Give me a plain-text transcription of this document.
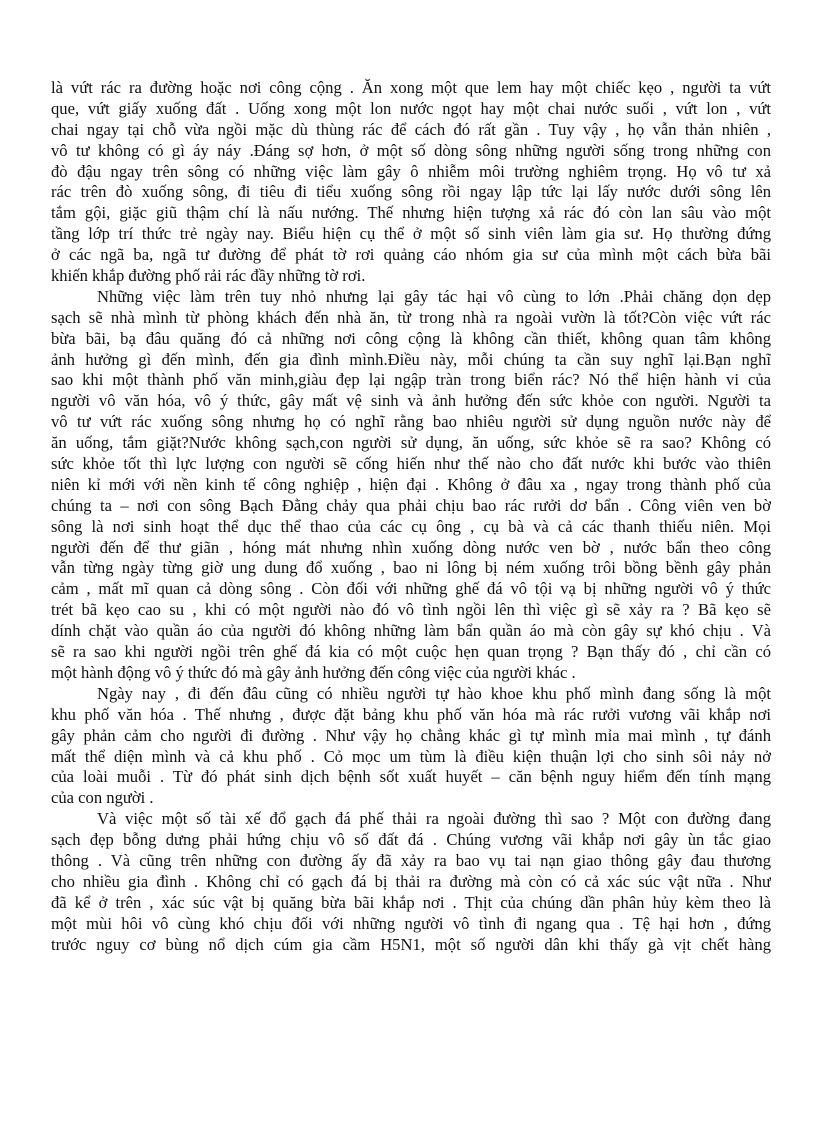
là vứt rác ra đường hoặc nơi công cộng . Ăn xong một que lem hay một chiếc kẹo , người ta vứt
que, vứt giấy xuống đất . Uống xong một lon nước ngọt hay một chai nước suối , vứt lon , vứt
chai ngay tại chỗ vừa ngồi mặc dù thùng rác để cách đó rất gần . Tuy vậy , họ vẫn thản nhiên ,
vô tư không có gì áy náy .Đáng sợ hơn, ở một số dòng sông những người sống trong những con
đò đậu ngay trên sông có những việc làm gây ô nhiễm môi trường nghiêm trọng. Họ vô tư xả
rác trên đò xuống sông, đi tiêu đi tiểu xuống sông rồi ngay lập tức lại lấy nước dưới sông lên
tắm gội, giặc giũ thậm chí là nấu nướng. Thế nhưng hiện tượng xả rác đó còn lan sâu vào một
tầng lớp trí thức trẻ ngày nay. Biểu hiện cụ thể ở một số sinh viên làm gia sư. Họ thường đứng
ở các ngã ba, ngã tư đường để phát tờ rơi quảng cáo nhóm gia sư của mình một cách bừa bãi
khiến khắp đường phố rải rác đầy những tờ rơi.
Những việc làm trên tuy nhỏ nhưng lại gây tác hại vô cùng to lớn .Phải chăng dọn dẹp
sạch sẽ nhà mình từ phòng khách đến nhà ăn, từ trong nhà ra ngoài vườn là tốt?Còn việc vứt rác
bừa bãi, bạ đâu quăng đó cả những nơi công cộng là không cần thiết, không quan tâm không
ảnh hưởng gì đến mình, đến gia đình mình.Điều này, mỗi chúng ta cần suy nghĩ lại.Bạn nghĩ
sao khi một thành phố văn minh,giàu đẹp lại ngập tràn trong biển rác? Nó thể hiện hành vi của
người vô văn hóa, vô ý thức, gây mất vệ sinh và ảnh hưởng đến sức khỏe con người. Người ta
vô tư vứt rác xuống sông nhưng họ có nghĩ rằng bao nhiêu người sử dụng nguồn nước này để
ăn uống, tắm giặt?Nước không sạch,con người sử dụng, ăn uống, sức khỏe sẽ ra sao? Không có
sức khỏe tốt thì lực lượng con người sẽ cống hiến như thế nào cho đất nước khi bước vào thiên
niên kỉ mới với nền kinh tế công nghiệp , hiện đại . Không ở đâu xa , ngay trong thành phố của
chúng ta – nơi con sông Bạch Đằng chảy qua phải chịu bao rác rưởi dơ bẩn . Công viên ven bờ
sông là nơi sinh hoạt thể dục thể thao của các cụ ông , cụ bà và cả các thanh thiếu niên. Mọi
người đến để thư giãn , hóng mát nhưng nhìn xuống dòng nước ven bờ , nước bẩn theo công
vẫn từng ngày từng giờ ung dung đổ xuống , bao ni lông bị ném xuống trôi bồng bềnh gây phản
cảm , mất mĩ quan cả dòng sông . Còn đối với những ghế đá vô tội vạ bị những người vô ý thức
trét bã kẹo cao su , khi có một người nào đó vô tình ngồi lên thì việc gì sẽ xảy ra ? Bã kẹo sẽ
dính chặt vào quần áo của người đó không những làm bẩn quần áo mà còn gây sự khó chịu . Và
sẽ ra sao khi người ngồi trên ghế đá kia có một cuộc hẹn quan trọng ? Bạn thấy đó , chỉ cần có
một hành động vô ý thức đó mà gây ảnh hưởng đến công việc của người khác .
Ngày nay , đi đến đâu cũng có nhiều người tự hào khoe khu phố mình đang sống là một
khu phố văn hóa . Thế nhưng , được đặt bảng khu phố văn hóa mà rác rưởi vương vãi khắp nơi
gây phản cảm cho người đi đường . Như vậy họ chẳng khác gì tự mình mỉa mai mình , tự đánh
mất thể diện mình và cả khu phố . Cỏ mọc um tùm là điều kiện thuận lợi cho sinh sôi nảy nở
của loài muỗi . Từ đó phát sinh dịch bệnh sốt xuất huyết – căn bệnh nguy hiểm đến tính mạng
của con người .
Và việc một số tài xế đổ gạch đá phế thải ra ngoài đường thì sao ? Một con đường đang
sạch đẹp bỗng dưng phải hứng chịu vô số đất đá . Chúng vương vãi khắp nơi gây ùn tắc giao
thông . Và cũng trên những con đường ấy đã xảy ra bao vụ tai nạn giao thông gây đau thương
cho nhiều gia đình . Không chỉ có gạch đá bị thải ra đường mà còn có cả xác súc vật nữa . Như
đã kể ở trên , xác súc vật bị quăng bừa bãi khắp nơi . Thịt của chúng dần phân hủy kèm theo là
một mùi hôi vô cùng khó chịu đối với những người vô tình đi ngang qua . Tệ hại hơn , đứng
trước nguy cơ bùng nổ dịch cúm gia cầm H5N1, một số người dân khi thấy gà vịt chết hàng
